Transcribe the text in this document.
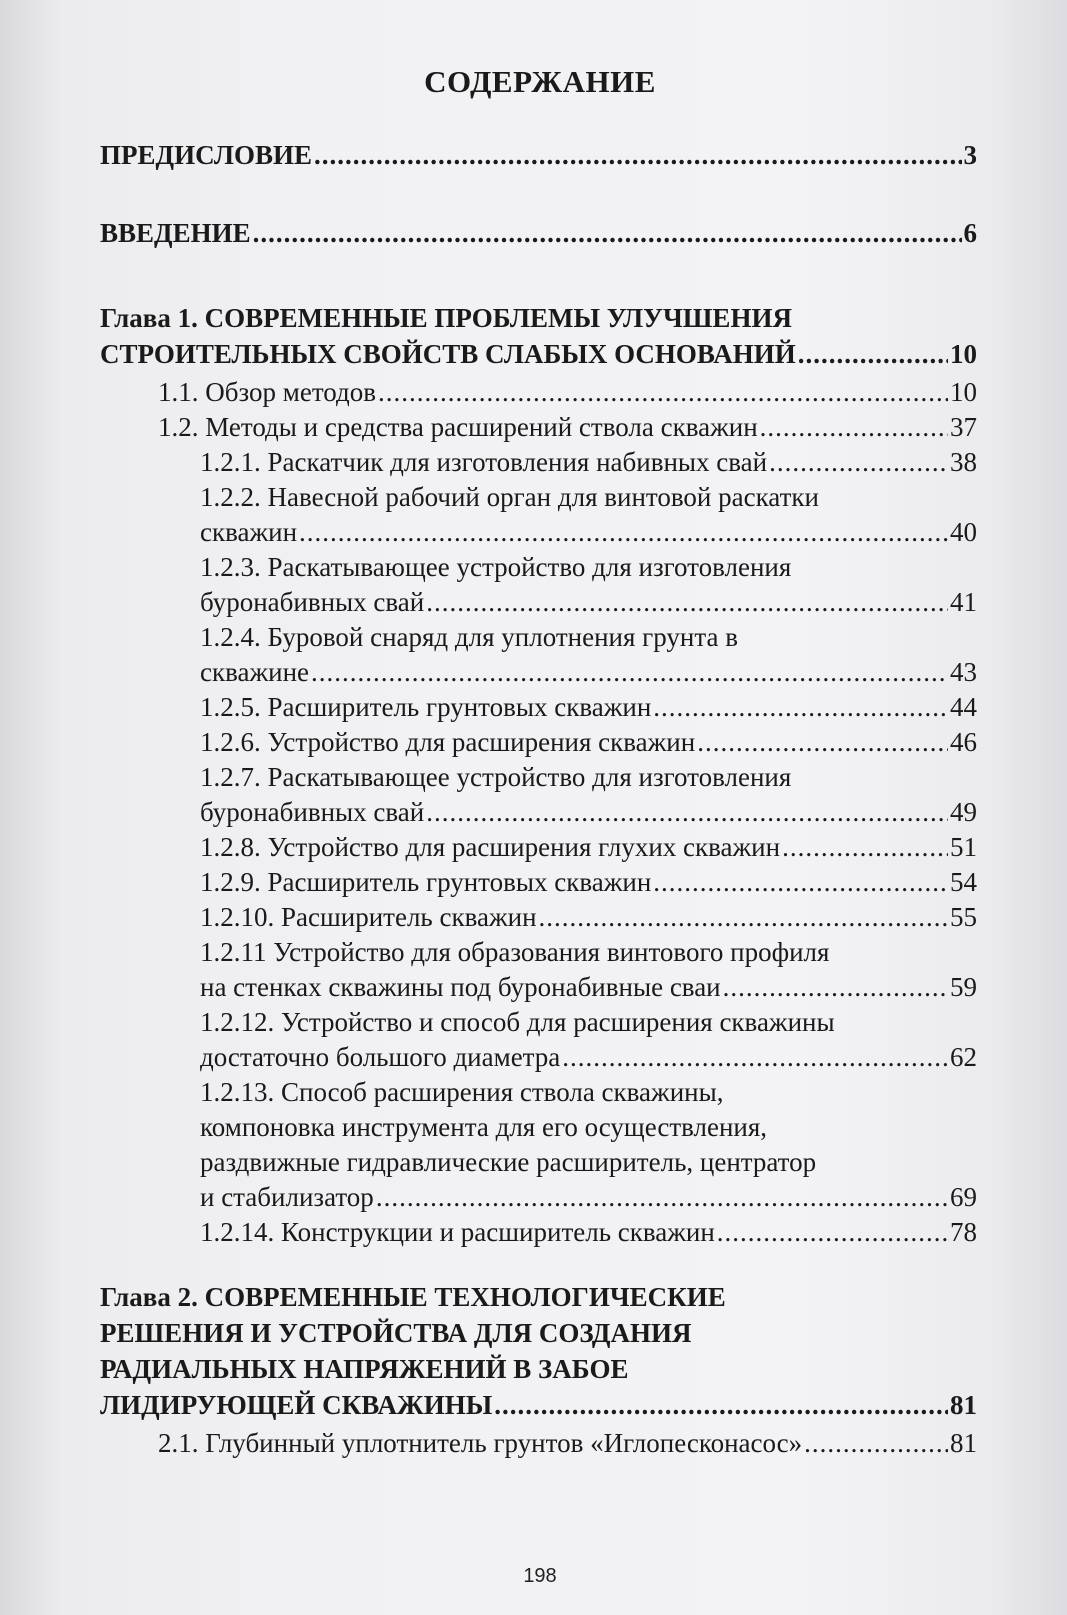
СОДЕРЖАНИЕ
ПРЕДИСЛОВИЕ .....	3
ВВЕДЕНИЕ .....	6
Глава 1. СОВРЕМЕННЫЕ ПРОБЛЕМЫ УЛУЧШЕНИЯ
СТРОИТЕЛЬНЫХ СВОЙСТВ СЛАБЫХ ОСНОВАНИЙ .....	10
1.1. Обзор методов .....	10
1.2. Методы и средства расширений ствола скважин .....	37
1.2.1. Раскатчик для изготовления набивных свай .....	38
1.2.2. Навесной рабочий орган для винтовой раскатки
скважин .....	40
1.2.3. Раскатывающее устройство для изготовления
буронабивных свай .....	41
1.2.4. Буровой снаряд для уплотнения грунта в
скважине .....	43
1.2.5. Расширитель грунтовых скважин .....	44
1.2.6. Устройство для расширения скважин .....	46
1.2.7. Раскатывающее устройство для изготовления
буронабивных свай .....	49
1.2.8. Устройство для расширения глухих скважин .....	51
1.2.9. Расширитель грунтовых скважин .....	54
1.2.10. Расширитель скважин .....	55
1.2.11 Устройство для образования винтового профиля
на стенках скважины под буронабивные сваи .....	59
1.2.12. Устройство и способ для расширения скважины
достаточно большого диаметра .....	62
1.2.13. Способ расширения ствола скважины,
компоновка инструмента для его осуществления,
раздвижные гидравлические расширитель, центратор
и стабилизатор .....	69
1.2.14. Конструкции и расширитель скважин .....	78
Глава 2. СОВРЕМЕННЫЕ ТЕХНОЛОГИЧЕСКИЕ
РЕШЕНИЯ И УСТРОЙСТВА ДЛЯ СОЗДАНИЯ
РАДИАЛЬНЫХ НАПРЯЖЕНИЙ В ЗАБОЕ
ЛИДИРУЮЩЕЙ СКВАЖИНЫ .....	81
2.1. Глубинный уплотнитель грунтов «Иглопесконасос» .....	81
198
